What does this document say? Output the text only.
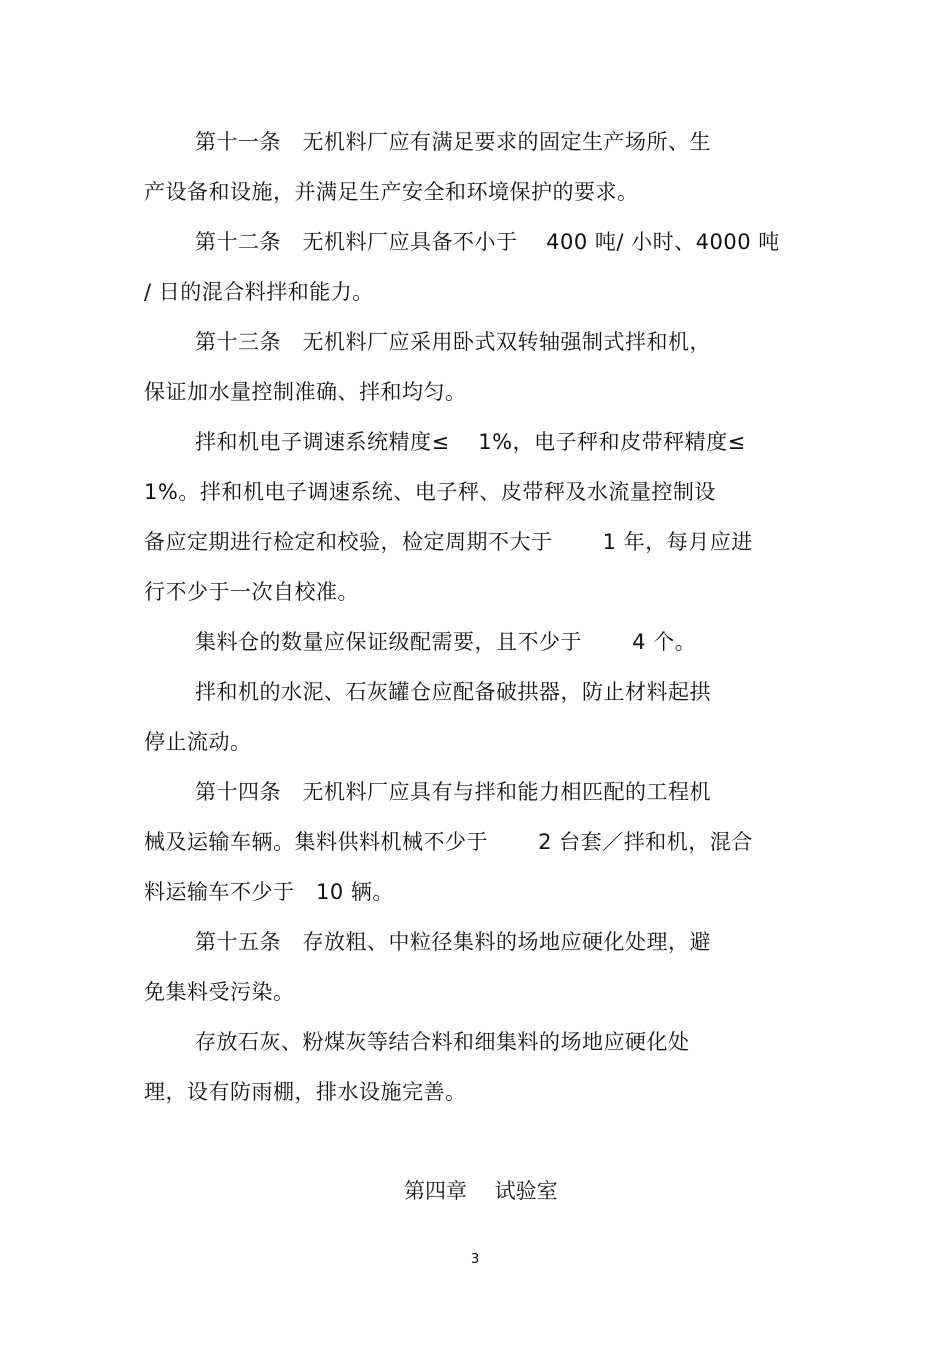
第十一条　无机料厂应有满足要求的固定生产场所、生
产设备和设施，并满足生产安全和环境保护的要求。
第十二条　无机料厂应具备不小于　 400 吨/ 小时、4000 吨
/ 日的混合料拌和能力。
第十三条　无机料厂应采用卧式双转轴强制式拌和机，
保证加水量控制准确、拌和均匀。
拌和机电子调速系统精度≤　 1%，电子秤和皮带秤精度≤
1%。拌和机电子调速系统、电子秤、皮带秤及水流量控制设
备应定期进行检定和校验，检定周期不大于　　 1 年，每月应进
行不少于一次自校准。
集料仓的数量应保证级配需要，且不少于　　 4 个。
拌和机的水泥、石灰罐仓应配备破拱器，防止材料起拱
停止流动。
第十四条　无机料厂应具有与拌和能力相匹配的工程机
械及运输车辆。集料供料机械不少于　　 2 台套／拌和机，混合
料运输车不少于　10 辆。
第十五条　存放粗、中粒径集料的场地应硬化处理，避
免集料受污染。
存放石灰、粉煤灰等结合料和细集料的场地应硬化处
理，设有防雨棚，排水设施完善。
第四章　 试验室
3
